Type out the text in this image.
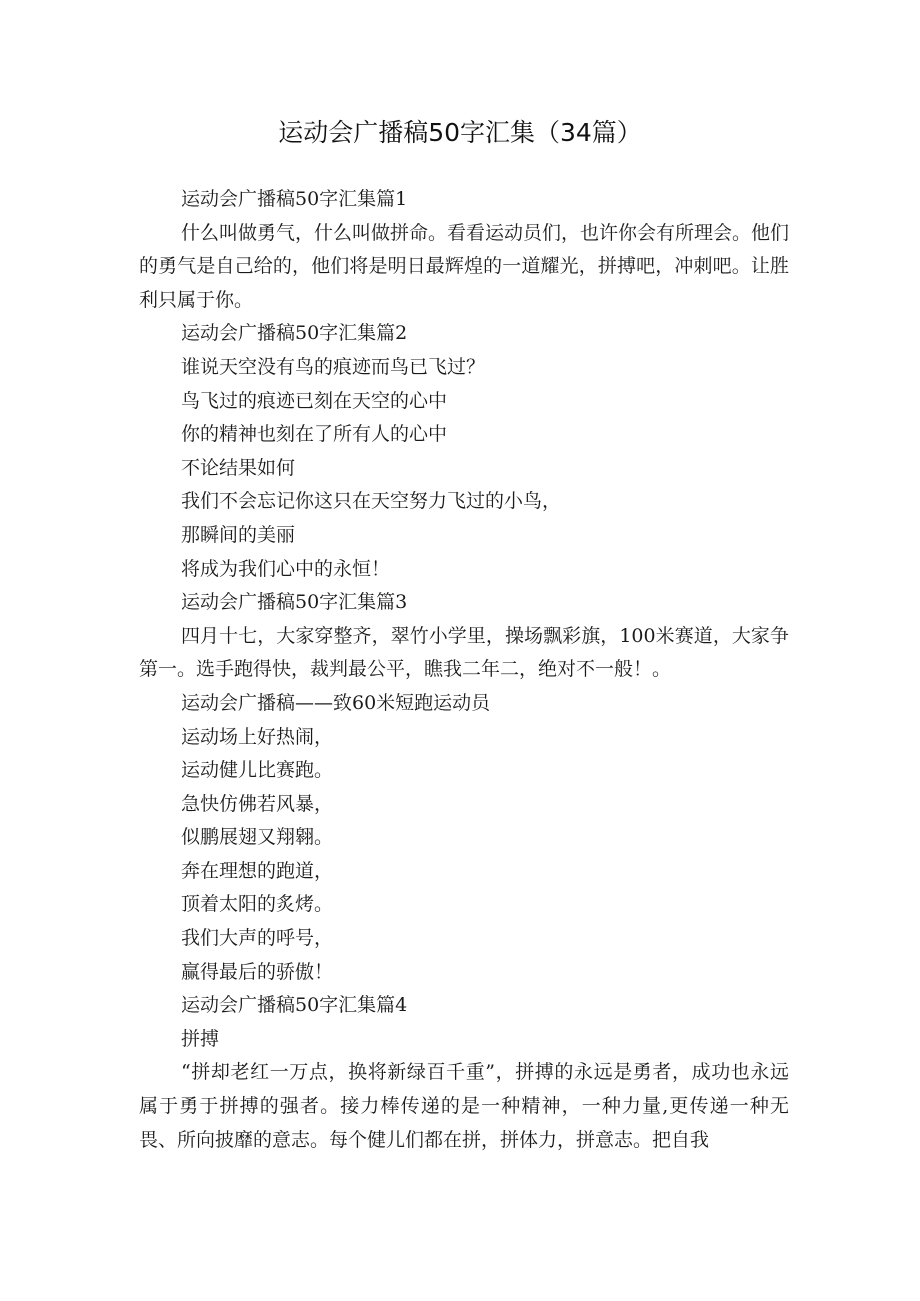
运动会广播稿50字汇集（34篇）

运动会广播稿50字汇集篇1

什么叫做勇气，什么叫做拼命。看看运动员们，也许你会有所理会。他们的勇气是自己给的，他们将是明日最辉煌的一道耀光，拼搏吧，冲刺吧。让胜利只属于你。

运动会广播稿50字汇集篇2

谁说天空没有鸟的痕迹而鸟已飞过？

鸟飞过的痕迹已刻在天空的心中

你的精神也刻在了所有人的心中

不论结果如何

我们不会忘记你这只在天空努力飞过的小鸟，

那瞬间的美丽

将成为我们心中的永恒！

运动会广播稿50字汇集篇3

四月十七，大家穿整齐，翠竹小学里，操场飘彩旗，100米赛道，大家争第一。选手跑得快，裁判最公平，瞧我二年二，绝对不一般！。

运动会广播稿——致60米短跑运动员

运动场上好热闹，

运动健儿比赛跑。

急快仿佛若风暴，

似鹏展翅又翔翱。

奔在理想的跑道，

顶着太阳的炙烤。

我们大声的呼号，

赢得最后的骄傲！

运动会广播稿50字汇集篇4

拼搏

“拼却老红一万点，换将新绿百千重”，拼搏的永远是勇者，成功也永远属于勇于拼搏的强者。接力棒传递的是一种精神，一种力量,更传递一种无畏、所向披靡的意志。每个健儿们都在拼，拼体力，拼意志。把自我
